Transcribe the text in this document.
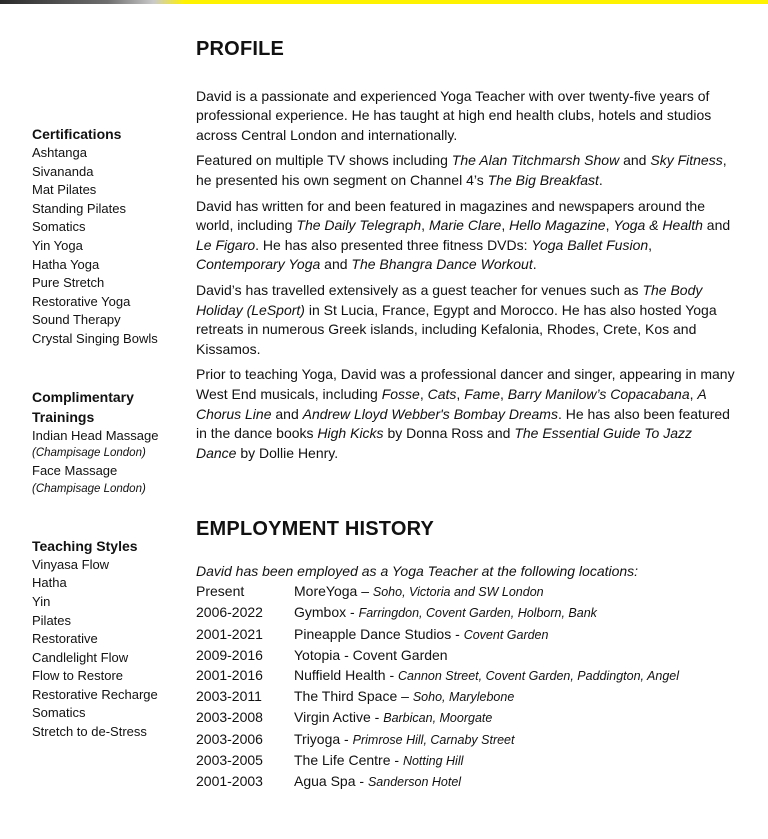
Certifications
Ashtanga
Sivananda
Mat Pilates
Standing Pilates
Somatics
Yin Yoga
Hatha Yoga
Pure Stretch
Restorative Yoga
Sound Therapy
Crystal Singing Bowls
Complimentary
Trainings
Indian Head Massage
(Champisage London)
Face Massage
(Champisage London)
Teaching Styles
Vinyasa Flow
Hatha
Yin
Pilates
Restorative
Candlelight Flow
Flow to Restore
Restorative Recharge
Somatics
Stretch to de-Stress
PROFILE

David is a passionate and experienced Yoga Teacher with over twenty-five years of professional experience. He has taught at high end health clubs, hotels and studios across Central London and internationally.

Featured on multiple TV shows including The Alan Titchmarsh Show and Sky Fitness, he presented his own segment on Channel 4’s The Big Breakfast.

David has written for and been featured in magazines and newspapers around the world, including The Daily Telegraph, Marie Clare, Hello Magazine, Yoga & Health and Le Figaro. He has also presented three fitness DVDs: Yoga Ballet Fusion, Contemporary Yoga and The Bhangra Dance Workout.

David’s has travelled extensively as a guest teacher for venues such as The Body Holiday (LeSport) in St Lucia, France, Egypt and Morocco. He has also hosted Yoga retreats in numerous Greek islands, including Kefalonia, Rhodes, Crete, Kos and Kissamos.

Prior to teaching Yoga, David was a professional dancer and singer, appearing in many West End musicals, including Fosse, Cats, Fame, Barry Manilow’s Copacabana, A Chorus Line and Andrew Lloyd Webber's Bombay Dreams. He has also been featured in the dance books High Kicks by Donna Ross and The Essential Guide To Jazz Dance by Dollie Henry.

EMPLOYMENT HISTORY
David has been employed as a Yoga Teacher at the following locations:
Present	MoreYoga – Soho, Victoria and SW London
2006-2022	Gymbox - Farringdon, Covent Garden, Holborn, Bank
2001-2021	Pineapple Dance Studios - Covent Garden
2009-2016	Yotopia - Covent Garden
2001-2016	Nuffield Health - Cannon Street, Covent Garden, Paddington, Angel
2003-2011	The Third Space – Soho, Marylebone
2003-2008	Virgin Active - Barbican, Moorgate
2003-2006	Triyoga - Primrose Hill, Carnaby Street
2003-2005	The Life Centre - Notting Hill
2001-2003	Agua Spa - Sanderson Hotel
